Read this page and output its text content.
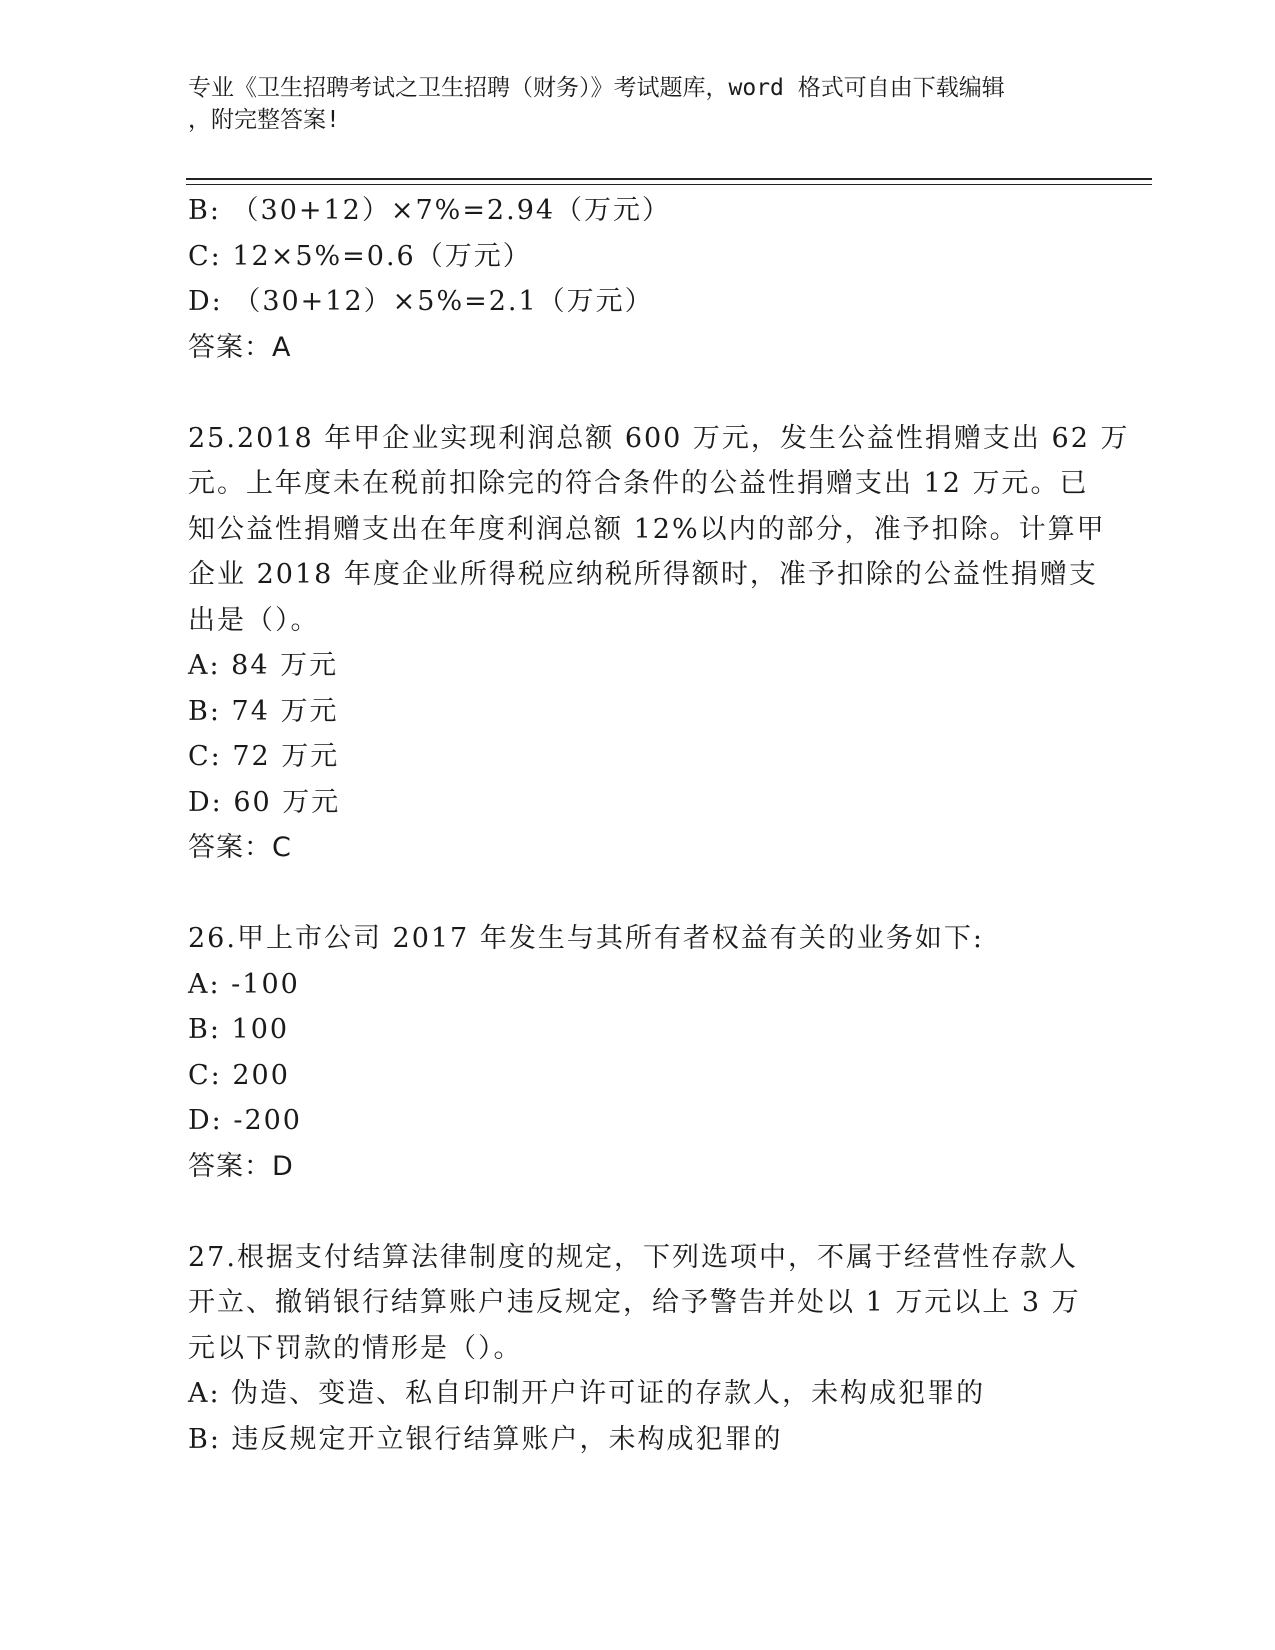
专业《卫生招聘考试之卫生招聘（财务）》考试题库，word 格式可自由下载编辑
，附完整答案!
B: （30+12）×7%=2.94（万元）
C: 12×5%=0.6（万元）
D: （30+12）×5%=2.1（万元）
答案：A
25.2018 年甲企业实现利润总额 600 万元，发生公益性捐赠支出 62 万
元。上年度未在税前扣除完的符合条件的公益性捐赠支出 12 万元。已
知公益性捐赠支出在年度利润总额 12%以内的部分，准予扣除。计算甲
企业 2018 年度企业所得税应纳税所得额时，准予扣除的公益性捐赠支
出是（）。
A: 84 万元
B: 74 万元
C: 72 万元
D: 60 万元
答案：C
26.甲上市公司 2017 年发生与其所有者权益有关的业务如下:
A: -100
B: 100
C: 200
D: -200
答案：D
27.根据支付结算法律制度的规定，下列选项中，不属于经营性存款人
开立、撤销银行结算账户违反规定，给予警告并处以 1 万元以上 3 万
元以下罚款的情形是（）。
A: 伪造、变造、私自印制开户许可证的存款人，未构成犯罪的
B: 违反规定开立银行结算账户，未构成犯罪的
